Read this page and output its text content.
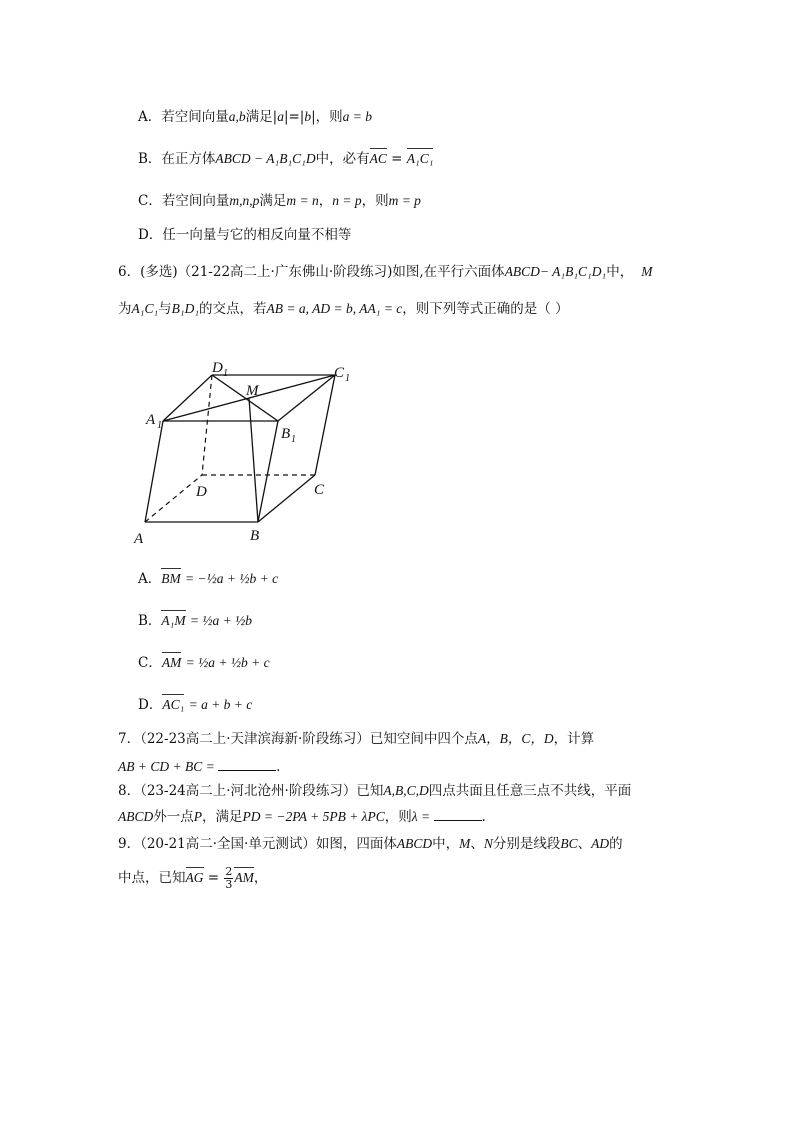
A．若空间向量a,b满足|a|=|b|，则a = b
B．在正方体ABCD − A₁B₁C₁D中，必有AC = A₁C₁
C．若空间向量m,n,p满足m = n，n = p，则m = p
D．任一向量与它的相反向量不相等
6．(多选)（21-22高二上·广东佛山·阶段练习)如图,在平行六面体ABCD− A₁B₁C₁D₁中， M
为A₁C₁与B₁D₁的交点，若AB = a, AD = b, AA₁ = c，则下列等式正确的是（ ）
A	B
C
D
A 1
B 1
C 1
D 1
M
A．BM = −½a + ½b + c
B．A₁M = ½a + ½b
C．AM = ½a + ½b + c
D．AC₁ = a + b + c
7．（22-23高二上·天津滨海新·阶段练习）已知空间中四个点A，B，C，D，计算
AB + CD + BC =	.
8．（23-24高二上·河北沧州·阶段练习）已知A,B,C,D四点共面且任意三点不共线，平面
ABCD外一点P，满足PD = −2PA + 5PB + λPC，则λ =	.
9．（20-21高二·全国·单元测试）如图，四面体ABCD中，M、N分别是线段BC、AD的
中点，已知AG = $\frac{2}{3}$ AM，
